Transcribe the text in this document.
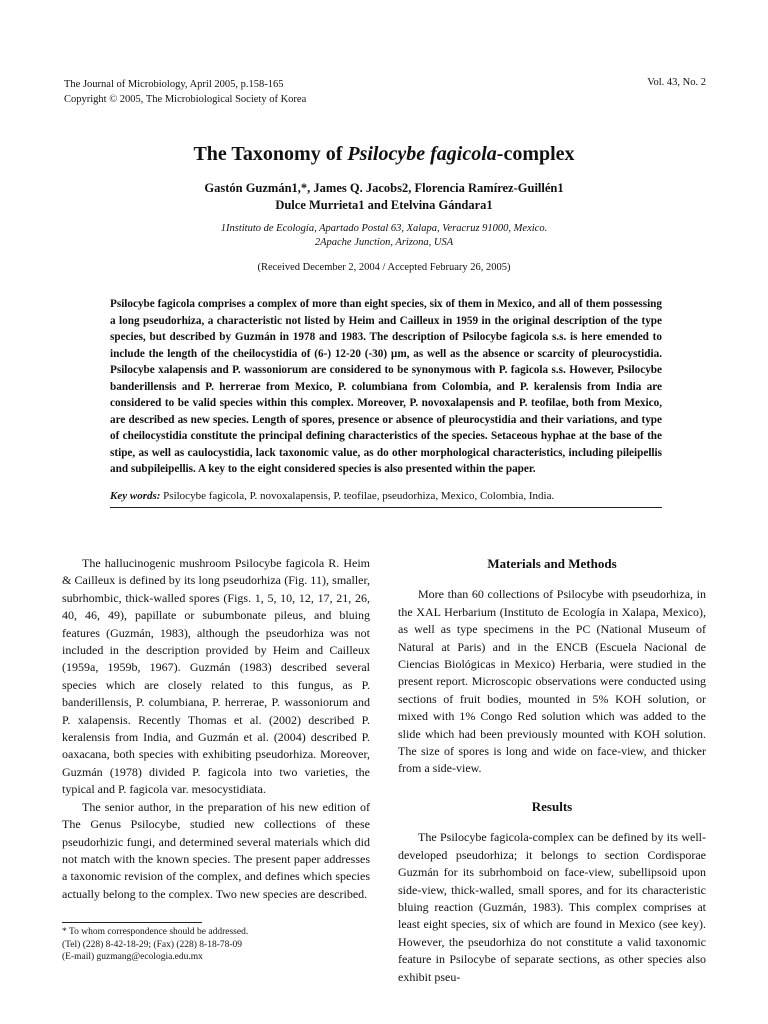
The Journal of Microbiology, April 2005, p.158-165
Copyright © 2005, The Microbiological Society of Korea
Vol. 43, No. 2
The Taxonomy of Psilocybe fagicola-complex
Gastón Guzmán1,*, James Q. Jacobs2, Florencia Ramírez-Guillén1
Dulce Murrieta1 and Etelvina Gándara1
1Instituto de Ecología, Apartado Postal 63, Xalapa, Veracruz 91000, Mexico.
2Apache Junction, Arizona, USA
(Received December 2, 2004 / Accepted February 26, 2005)
Psilocybe fagicola comprises a complex of more than eight species, six of them in Mexico, and all of them possessing a long pseudorhiza, a characteristic not listed by Heim and Cailleux in 1959 in the original description of the type species, but described by Guzmán in 1978 and 1983. The description of Psilocybe fagicola s.s. is here emended to include the length of the cheilocystidia of (6-) 12-20 (-30) µm, as well as the absence or scarcity of pleurocystidia. Psilocybe xalapensis and P. wassoniorum are considered to be synonymous with P. fagicola s.s. However, Psilocybe banderillensis and P. herrerae from Mexico, P. columbiana from Colombia, and P. keralensis from India are considered to be valid species within this complex. Moreover, P. novoxalapensis and P. teofilae, both from Mexico, are described as new species. Length of spores, presence or absence of pleurocystidia and their variations, and type of cheilocystidia constitute the principal defining characteristics of the species. Setaceous hyphae at the base of the stipe, as well as caulocystidia, lack taxonomic value, as do other morphological characteristics, including pileipellis and subpileipellis. A key to the eight considered species is also presented within the paper.
Key words: Psilocybe fagicola, P. novoxalapensis, P. teofilae, pseudorhiza, Mexico, Colombia, India.

The hallucinogenic mushroom Psilocybe fagicola R. Heim & Cailleux is defined by its long pseudorhiza (Fig. 11), smaller, subrhombic, thick-walled spores (Figs. 1, 5, 10, 12, 17, 21, 26, 40, 46, 49), papillate or subumbonate pileus, and bluing features (Guzmán, 1983), although the pseudorhiza was not included in the description provided by Heim and Cailleux (1959a, 1959b, 1967). Guzmán (1983) described several species which are closely related to this fungus, as P. banderillensis, P. columbiana, P. herrerae, P. wassoniorum and P. xalapensis. Recently Thomas et al. (2002) described P. keralensis from India, and Guzmán et al. (2004) described P. oaxacana, both species with exhibiting pseudorhiza. Moreover, Guzmán (1978) divided P. fagicola into two varieties, the typical and P. fagicola var. mesocystidiata.

The senior author, in the preparation of his new edition of The Genus Psilocybe, studied new collections of these pseudorhizic fungi, and determined several materials which did not match with the known species. The present paper addresses a taxonomic revision of the complex, and defines which species actually belong to the complex. Two new species are described.

Materials and Methods

More than 60 collections of Psilocybe with pseudorhiza, in the XAL Herbarium (Instituto de Ecología in Xalapa, Mexico), as well as type specimens in the PC (National Museum of Natural at Paris) and in the ENCB (Escuela Nacional de Ciencias Biológicas in Mexico) Herbaria, were studied in the present report. Microscopic observations were conducted using sections of fruit bodies, mounted in 5% KOH solution, or mixed with 1% Congo Red solution which was added to the slide which had been previously mounted with KOH solution. The size of spores is long and wide on face-view, and thicker from a side-view.

Results

The Psilocybe fagicola-complex can be defined by its well-developed pseudorhiza; it belongs to section Cordisporae Guzmán for its subrhomboid on face-view, subellipsoid upon side-view, thick-walled, small spores, and for its characteristic bluing reaction (Guzmán, 1983). This complex comprises at least eight species, six of which are found in Mexico (see key). However, the pseudorhiza do not constitute a valid taxonomic feature in Psilocybe of separate sections, as other species also exhibit pseu-

* To whom correspondence should be addressed.
(Tel) (228) 8-42-18-29; (Fax) (228) 8-18-78-09
(E-mail) guzmang@ecologia.edu.mx
